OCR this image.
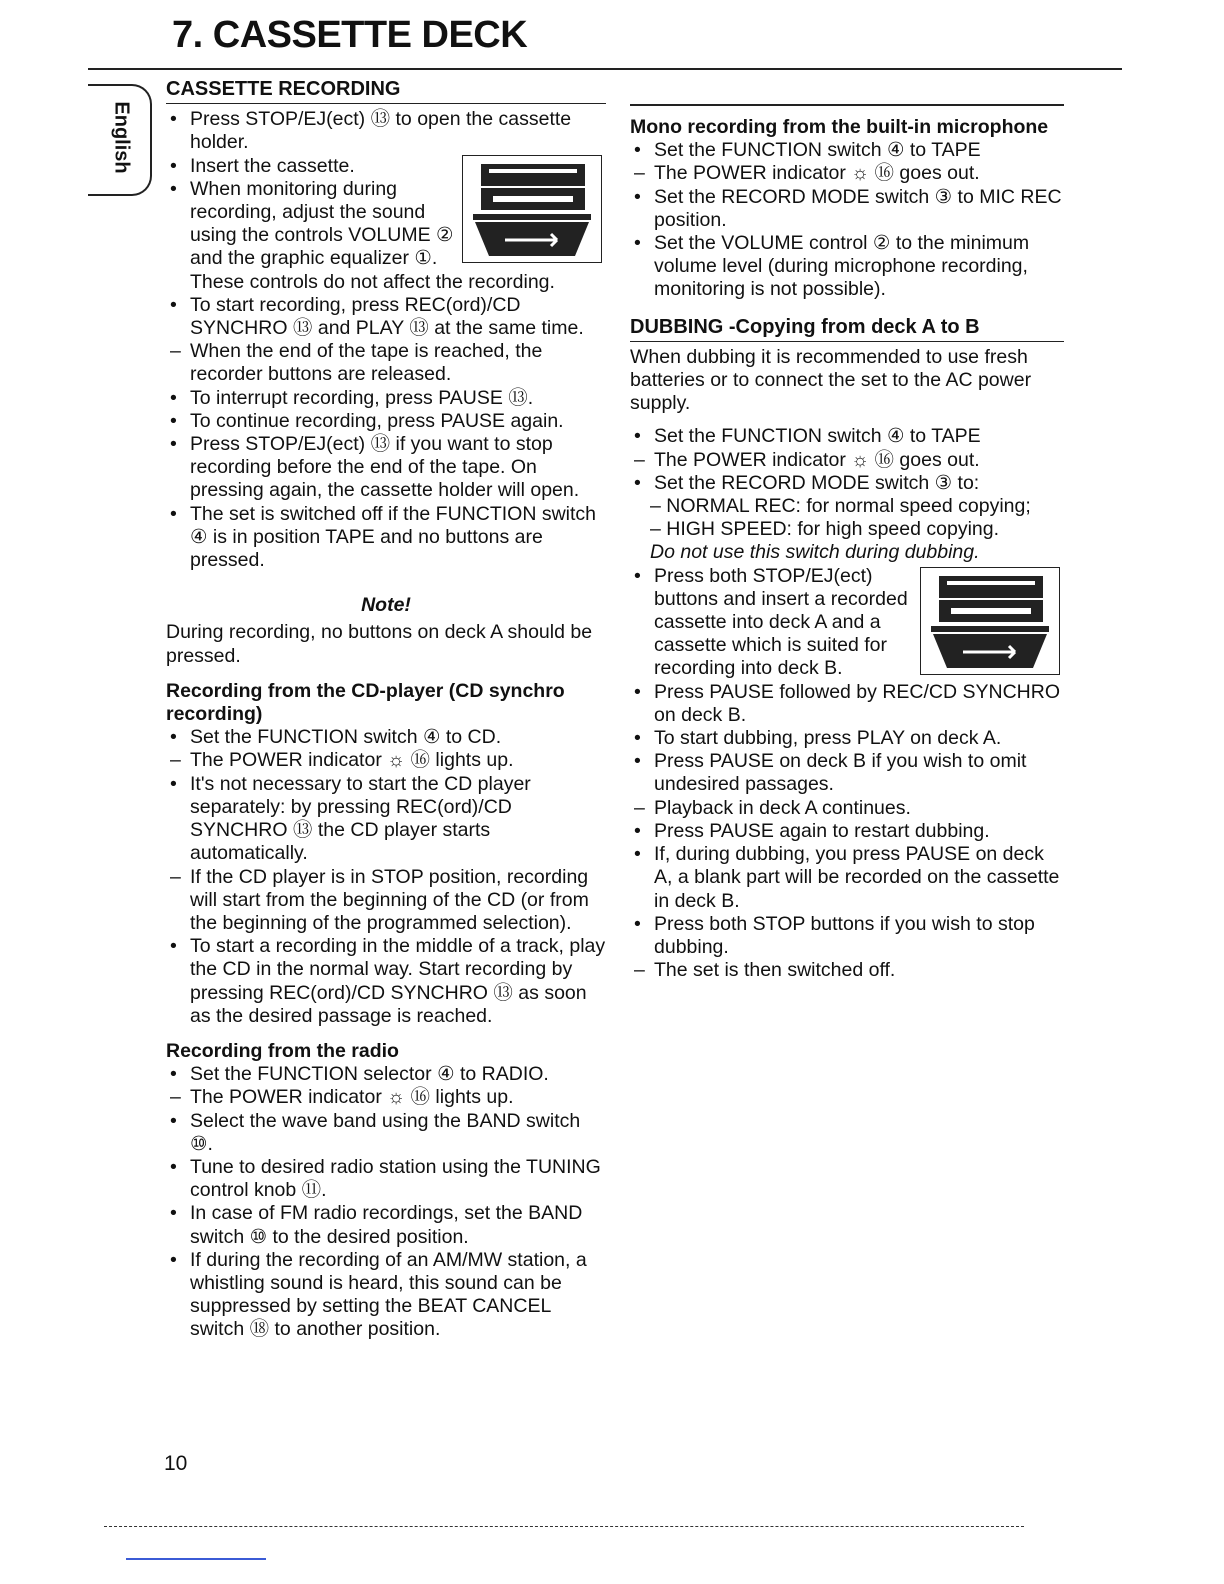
7. CASSETTE DECK
English
CASSETTE RECORDING
• Press STOP/EJ(ect) ⑬ to open the cassette holder.
• Insert the cassette.
• When monitoring during recording, adjust the sound using the controls VOLUME ② and the graphic equalizer ①. These controls do not affect the recording.
• To start recording, press REC(ord)/CD SYNCHRO ⑬ and PLAY ⑬ at the same time.
– When the end of the tape is reached, the recorder buttons are released.
• To interrupt recording, press PAUSE ⑬.
• To continue recording, press PAUSE again.
• Press STOP/EJ(ect) ⑬ if you want to stop recording before the end of the tape. On pressing again, the cassette holder will open.
• The set is switched off if the FUNCTION switch ④ is in position TAPE and no buttons are pressed.
Note!

During recording, no buttons on deck A should be pressed.

Recording from the CD-player (CD synchro recording)
• Set the FUNCTION switch ④ to CD.
– The POWER indicator ☼ ⑯ lights up.
• It's not necessary to start the CD player separately: by pressing REC(ord)/CD SYNCHRO ⑬ the CD player starts automatically.
– If the CD player is in STOP position, recording will start from the beginning of the CD (or from the beginning of the programmed selection).
• To start a recording in the middle of a track, play the CD in the normal way. Start recording by pressing REC(ord)/CD SYNCHRO ⑬ as soon as the desired passage is reached.
Recording from the radio
• Set the FUNCTION selector ④ to RADIO.
– The POWER indicator ☼ ⑯ lights up.
• Select the wave band using the BAND switch ⑩.
• Tune to desired radio station using the TUNING control knob ⑪.
• In case of FM radio recordings, set the BAND switch ⑩ to the desired position.
• If during the recording of an AM/MW station, a whistling sound is heard, this sound can be suppressed by setting the BEAT CANCEL switch ⑱ to another position.
Mono recording from the built-in microphone
• Set the FUNCTION switch ④ to TAPE
– The POWER indicator ☼ ⑯ goes out.
• Set the RECORD MODE switch ③ to MIC REC position.
• Set the VOLUME control ② to the minimum volume level (during microphone recording, monitoring is not possible).
DUBBING -Copying from deck A to B

When dubbing it is recommended to use fresh batteries or to connect the set to the AC power supply.

• Set the FUNCTION switch ④ to TAPE
– The POWER indicator ☼ ⑯ goes out.
• Set the RECORD MODE switch ③ to:
– NORMAL REC: for normal speed copying;
– HIGH SPEED: for high speed copying.
Do not use this switch during dubbing.
• Press both STOP/EJ(ect) buttons and insert a recorded cassette into deck A and a cassette which is suited for recording into deck B.
• Press PAUSE followed by REC/CD SYNCHRO on deck B.
• To start dubbing, press PLAY on deck A.
• Press PAUSE on deck B if you wish to omit undesired passages.
– Playback in deck A continues.
• Press PAUSE again to restart dubbing.
• If, during dubbing, you press PAUSE on deck A, a blank part will be recorded on the cassette in deck B.
• Press both STOP buttons if you wish to stop dubbing.
– The set is then switched off.
10
